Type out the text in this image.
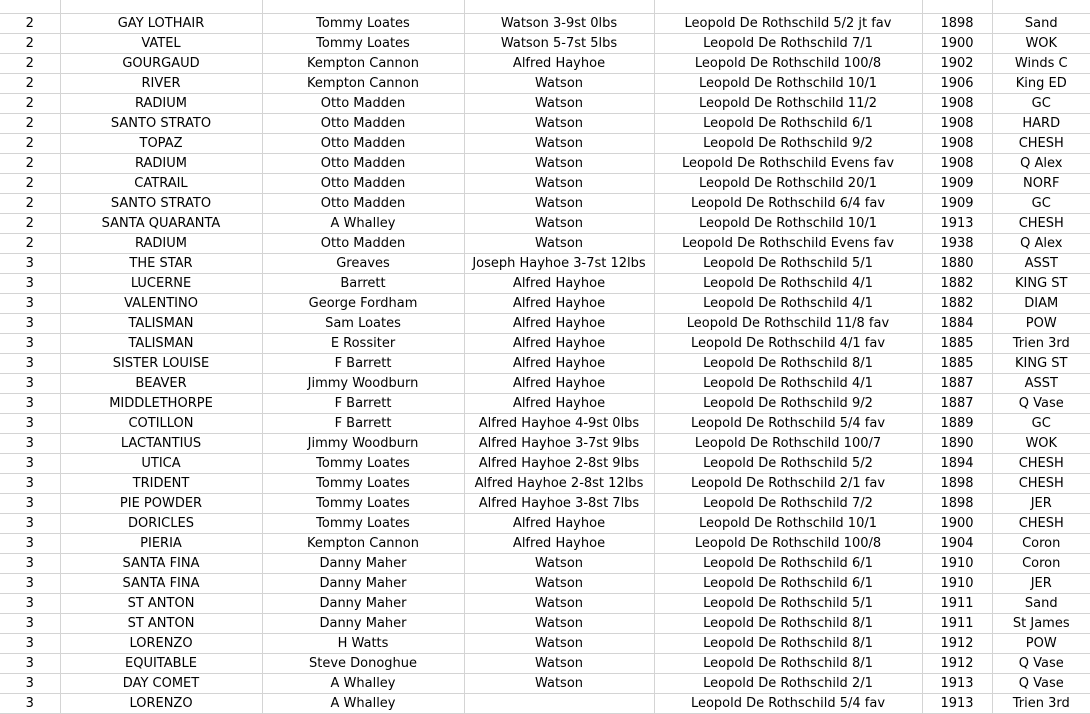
2	GAY LOTHAIR	Tommy Loates	Watson 3-9st 0lbs	Leopold De Rothschild 5/2 jt fav	1898	Sand
2	VATEL	Tommy Loates	Watson 5-7st 5lbs	Leopold De Rothschild 7/1	1900	WOK
2	GOURGAUD	Kempton Cannon	Alfred Hayhoe	Leopold De Rothschild 100/8	1902	Winds C
2	RIVER	Kempton Cannon	Watson	Leopold De Rothschild 10/1	1906	King ED
2	RADIUM	Otto Madden	Watson	Leopold De Rothschild 11/2	1908	GC
2	SANTO STRATO	Otto Madden	Watson	Leopold De Rothschild 6/1	1908	HARD
2	TOPAZ	Otto Madden	Watson	Leopold De Rothschild 9/2	1908	CHESH
2	RADIUM	Otto Madden	Watson	Leopold De Rothschild Evens fav	1908	Q Alex
2	CATRAIL	Otto Madden	Watson	Leopold De Rothschild 20/1	1909	NORF
2	SANTO STRATO	Otto Madden	Watson	Leopold De Rothschild 6/4 fav	1909	GC
2	SANTA QUARANTA	A Whalley	Watson	Leopold De Rothschild 10/1	1913	CHESH
2	RADIUM	Otto Madden	Watson	Leopold De Rothschild Evens fav	1938	Q Alex
3	THE STAR	Greaves	Joseph Hayhoe 3-7st 12lbs	Leopold De Rothschild 5/1	1880	ASST
3	LUCERNE	Barrett	Alfred Hayhoe	Leopold De Rothschild 4/1	1882	KING ST
3	VALENTINO	George Fordham	Alfred Hayhoe	Leopold De Rothschild 4/1	1882	DIAM
3	TALISMAN	Sam Loates	Alfred Hayhoe	Leopold De Rothschild 11/8 fav	1884	POW
3	TALISMAN	E Rossiter	Alfred Hayhoe	Leopold De Rothschild 4/1 fav	1885	Trien 3rd
3	SISTER LOUISE	F Barrett	Alfred Hayhoe	Leopold De Rothschild 8/1	1885	KING ST
3	BEAVER	Jimmy Woodburn	Alfred Hayhoe	Leopold De Rothschild 4/1	1887	ASST
3	MIDDLETHORPE	F Barrett	Alfred Hayhoe	Leopold De Rothschild 9/2	1887	Q Vase
3	COTILLON	F Barrett	Alfred Hayhoe 4-9st 0lbs	Leopold De Rothschild 5/4 fav	1889	GC
3	LACTANTIUS	Jimmy Woodburn	Alfred Hayhoe 3-7st 9lbs	Leopold De Rothschild 100/7	1890	WOK
3	UTICA	Tommy Loates	Alfred Hayhoe 2-8st 9lbs	Leopold De Rothschild 5/2	1894	CHESH
3	TRIDENT	Tommy Loates	Alfred Hayhoe 2-8st 12lbs	Leopold De Rothschild 2/1 fav	1898	CHESH
3	PIE POWDER	Tommy Loates	Alfred Hayhoe 3-8st 7lbs	Leopold De Rothschild 7/2	1898	JER
3	DORICLES	Tommy Loates	Alfred Hayhoe	Leopold De Rothschild 10/1	1900	CHESH
3	PIERIA	Kempton Cannon	Alfred Hayhoe	Leopold De Rothschild 100/8	1904	Coron
3	SANTA FINA	Danny Maher	Watson	Leopold De Rothschild 6/1	1910	Coron
3	SANTA FINA	Danny Maher	Watson	Leopold De Rothschild 6/1	1910	JER
3	ST ANTON	Danny Maher	Watson	Leopold De Rothschild 5/1	1911	Sand
3	ST ANTON	Danny Maher	Watson	Leopold De Rothschild 8/1	1911	St James
3	LORENZO	H Watts	Watson	Leopold De Rothschild 8/1	1912	POW
3	EQUITABLE	Steve Donoghue	Watson	Leopold De Rothschild 8/1	1912	Q Vase
3	DAY COMET	A Whalley	Watson	Leopold De Rothschild 2/1	1913	Q Vase
3	LORENZO	A Whalley		Leopold De Rothschild 5/4 fav	1913	Trien 3rd
